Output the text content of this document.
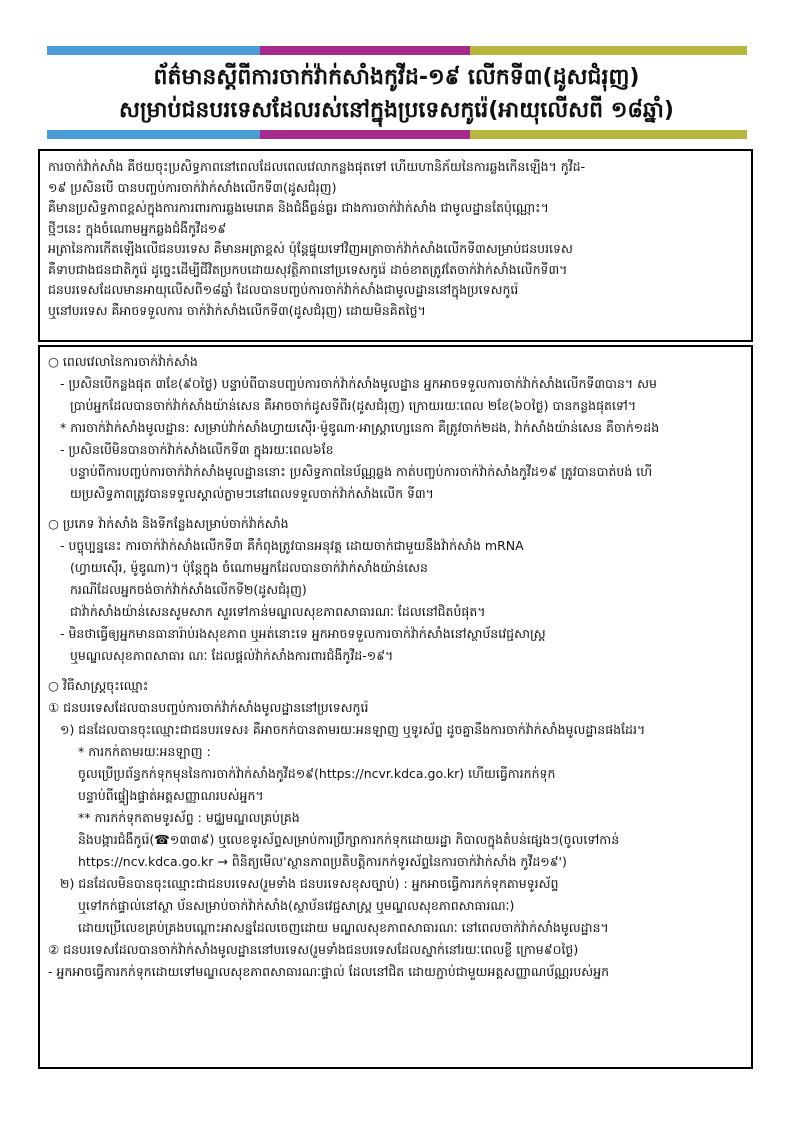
ព័ត៌មានស្តីពីការចាក់វ៉ាក់សាំងកូវីដ-១៩ លើកទី៣(ដូសជំរុញ)
សម្រាប់ជនបរទេសដែលរស់នៅក្នុងប្រទេសកូរ៉េ(អាយុលើសពី ១៨ឆ្នាំ)

ការចាក់វ៉ាក់សាំង គឺថយចុះប្រសិទ្ធភាពនៅពេលដែលពេលវេលាកន្លងផុតទៅ ហើយហានិភ័យនៃការឆ្លងកើនឡើង។ កូវីដ-

១៩ ប្រសិនបើ បានបញ្ចប់ការចាក់វ៉ាក់សាំងលើកទី៣(ដូសជំរុញ)

គឺមានប្រសិទ្ធភាពខ្ពស់ក្នុងការការពារការឆ្លងមេរោគ និងជំងឺធ្ងន់ធ្ងរ ជាងការចាក់វ៉ាក់សាំង ជាមូលដ្ឋានតែប៉ុណ្ណោះ។

ថ្មីៗនេះ ក្នុងចំណោមអ្នកឆ្លងជំងឺកូវីដ១៩

អត្រានៃការកើតឡើងលើជនបរទេស គឺមានអត្រាខ្ពស់ ប៉ុន្តែផ្ទុយទៅវិញអត្រាចាក់វ៉ាក់សាំងលើកទី៣សម្រាប់ជនបរទេស

គឺទាបជាងជនជាតិកូរ៉េ ដូច្នេះដើម្បីជីវិតប្រកបដោយសុវត្ថិភាពនៅប្រទេសកូរ៉េ ដាច់ខាតត្រូវតែចាក់វ៉ាក់សាំងលើកទី៣។

ជនបរទេសដែលមានអាយុលើសពី១៨ឆ្នាំ ដែលបានបញ្ចប់ការចាក់វ៉ាក់សាំងជាមូលដ្ឋាននៅក្នុងប្រទេសកូរ៉េ

ឬនៅបរទេស គឺអាចទទួលការ ចាក់វ៉ាក់សាំងលើកទី៣(ដូសជំរុញ) ដោយមិនគិតថ្លៃ។

○ ពេលវេលានៃការចាក់វ៉ាក់សាំង

- ប្រសិនបើកន្លងផុត ៣ខែ(៩០ថ្ងៃ) បន្ទាប់ពីបានបញ្ចប់ការចាក់វ៉ាក់សាំងមូលដ្ឋាន អ្នកអាចទទួលការចាក់វ៉ាក់សាំងលើកទី៣បាន។ សម

ប្រាប់អ្នកដែលបានចាក់វ៉ាក់សាំងយ៉ាន់សេន គឺអាចចាក់ដូសទីពីរ(ដូសជំរុញ) ក្រោយរយៈពេល ២ខែ(៦០ថ្ងៃ) បានកន្លងផុតទៅ។

* ការចាក់វ៉ាក់សាំងមូលដ្ឋាន: សម្រាប់វ៉ាក់សាំងហ្វាយស៊ើរ·ម៉ូឌូណា·អាស្ត្រាហ្សេនេកា គឺត្រូវចាក់២ដង, វ៉ាក់សាំងយ៉ាន់សេន គឺចាក់១ដង

- ប្រសិនបើមិនបានចាក់វ៉ាក់សាំងលើកទី៣ ក្នុងរយៈពេល៦ខែ

បន្ទាប់ពីការបញ្ចប់ការចាក់វ៉ាក់សាំងមូលដ្ឋាននោះ ប្រសិទ្ធភាពនៃប័ណ្ណឆ្លង កាត់បញ្ចប់ការចាក់វ៉ាក់សាំងកូវីដ១៩ ត្រូវបានបាត់បង់ ហើ

យប្រសិទ្ធភាពត្រូវបានទទួលស្គាល់ភ្លាមៗនៅពេលទទួលចាក់វ៉ាក់សាំងលើក ទី៣។

○ ប្រភេទ វ៉ាក់សាំង និងទីកន្លែងសម្រាប់ចាក់វ៉ាក់សាំង

- បច្ចុប្បន្ននេះ ការចាក់វ៉ាក់សាំងលើកទី៣ គឺកំពុងត្រូវបានអនុវត្ត ដោយចាក់ជាមួយនឹងវ៉ាក់សាំង mRNA

(ហ្វាយស៊ើរ, ម៉ូឌូណា)។ ប៉ុន្តែក្នុង ចំណោមអ្នកដែលបានចាក់វ៉ាក់សាំងយ៉ាន់សេន

ករណីដែលអ្នកចង់ចាក់វ៉ាក់សាំងលើកទី២(ដូសជំរុញ)

ជាវ៉ាក់សាំងយ៉ាន់សេនសូមសាក សួរទៅកាន់មណ្ឌលសុខភាពសាធារណៈ ដែលនៅជិតបំផុត។

- មិនថាធ្វើឲ្យអ្នកមានធានារ៉ាប់រងសុខភាព ឬអត់នោះទេ អ្នកអាចទទួលការចាក់វ៉ាក់សាំងនៅស្ថាប័នវេជ្ជសាស្ត្រ

ឬមណ្ឌលសុខភាពសាធារ ណៈ ដែលផ្តល់វ៉ាក់សាំងការពារជំងឺកូវីដ-១៩។

○ វិធីសាស្ត្រចុះឈ្មោះ

① ជនបរទេសដែលបានបញ្ចប់ការចាក់វ៉ាក់សាំងមូលដ្ឋាននៅប្រទេសកូរ៉េ

១) ជនដែលបានចុះឈ្មោះជាជនបរទេស៖ គឺអាចកក់បានតាមរយៈអនឡាញ ឬទូរស័ព្ទ ដូចគ្នានឹងការចាក់វ៉ាក់សាំងមូលដ្ឋានផងដែរ។

* ការកក់តាមរយៈអនឡាញ :

ចូលប្រើប្រព័ន្ធកក់ទុកមុននៃការចាក់វ៉ាក់សាំងកូវីដ១៩(https://ncvr.kdca.go.kr) ហើយធ្វើការកក់ទុក

បន្ទាប់ពីផ្ទៀងផ្ទាត់អត្តសញ្ញាណរបស់អ្នក។

** ការកក់ទុកតាមទូរស័ព្ទ : មជ្ឈមណ្ឌលគ្រប់គ្រង

និងបង្ការជំងឺកូរ៉េ(☎១៣៣៩) ឬលេខទូរស័ព្ទសម្រាប់ការប្រឹក្សាការកក់ទុកដោយរដ្ឋា ភិបាលក្នុងតំបន់ផ្សេងៗ(ចូលទៅកាន់

https://ncv.kdca.go.kr → ពិនិត្យមើល'ស្ថានភាពប្រតិបត្តិការកក់ទូរស័ព្ទនៃការចាក់វ៉ាក់សាំង កូវីដ១៩')

២) ជនដែលមិនបានចុះឈ្មោះជាជនបរទេស(រួមទាំង ជនបរទេសខុសច្បាប់) : អ្នកអាចធ្វើការកក់ទុកតាមទូរស័ព្ទ

ឬទៅកក់ផ្ទាល់នៅស្ថា ប័នសម្រាប់ចាក់វ៉ាក់សាំង(ស្ថាប័នវេជ្ជសាស្ត្រ ឬមណ្ឌលសុខភាពសាធារណៈ)

ដោយប្រើលេខគ្រប់គ្រងបណ្តោះអាសន្នដែលចេញដោយ មណ្ឌលសុខភាពសាធារណៈ នៅពេលចាក់វ៉ាក់សាំងមូលដ្ឋាន។

② ជនបរទេសដែលបានចាក់វ៉ាក់សាំងមូលដ្ឋាននៅបរទេស(រួមទាំងជនបរទេសដែលស្នាក់នៅរយៈពេលខ្លី ក្រោម៩០ថ្ងៃ)

- អ្នកអាចធ្វើការកក់ទុកដោយទៅមណ្ឌលសុខភាពសាធារណៈផ្ទាល់ ដែលនៅជិត ដោយភ្ជាប់ជាមួយអត្តសញ្ញាណប័ណ្ណរបស់អ្នក
